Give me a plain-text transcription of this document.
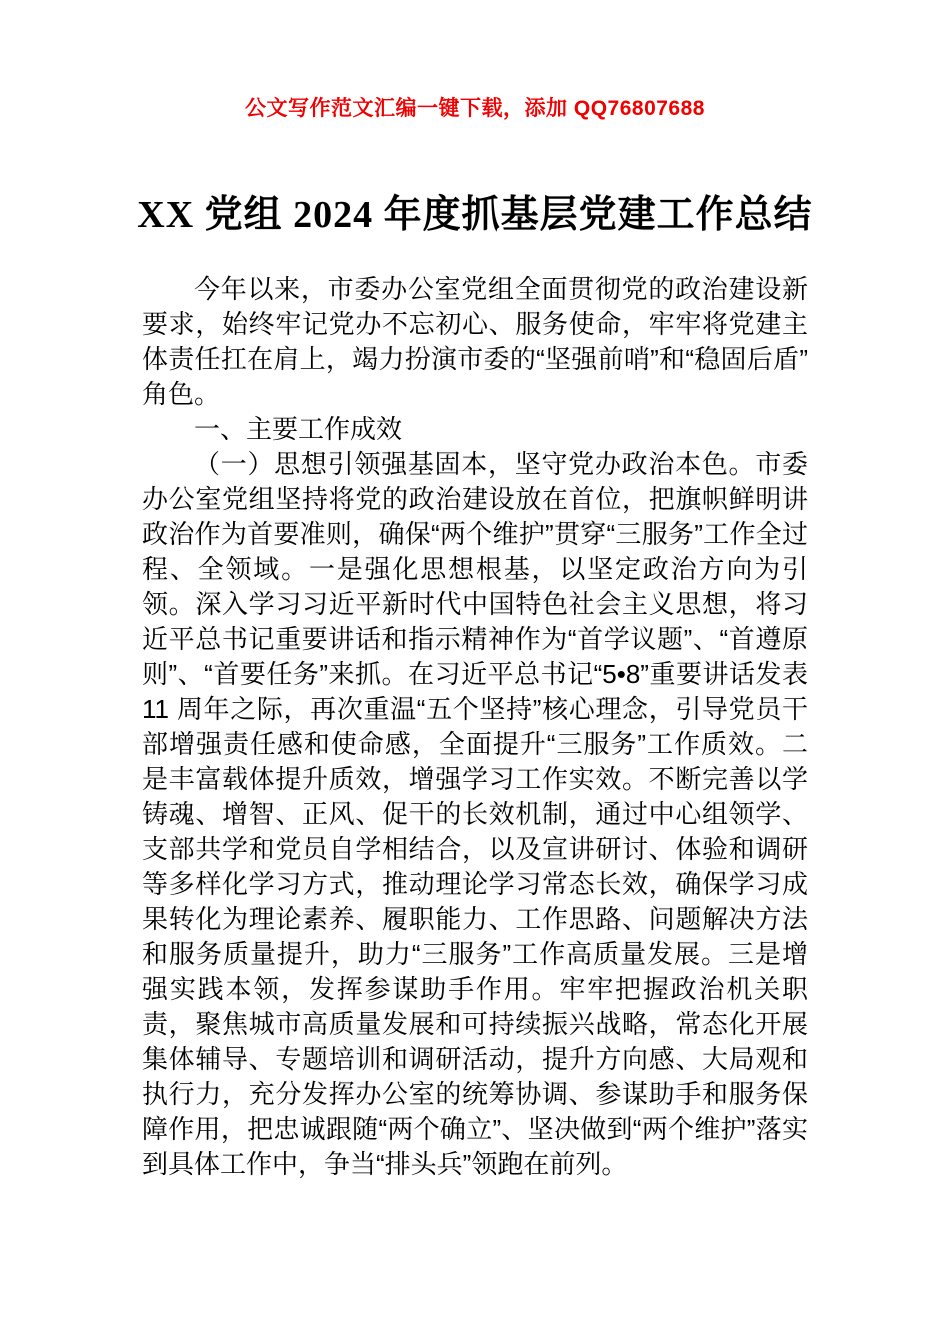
公文写作范文汇编一键下载，添加 QQ76807688
XX 党组 2024 年度抓基层党建工作总结

今年以来，市委办公室党组全面贯彻党的政治建设新要求，始终牢记党办不忘初心、服务使命，牢牢将党建主体责任扛在肩上，竭力扮演市委的“坚强前哨”和“稳固后盾”角色。

一、主要工作成效

（一）思想引领强基固本，坚守党办政治本色。市委办公室党组坚持将党的政治建设放在首位，把旗帜鲜明讲政治作为首要准则，确保“两个维护”贯穿“三服务”工作全过程、全领域。一是强化思想根基，以坚定政治方向为引领。深入学习习近平新时代中国特色社会主义思想，将习近平总书记重要讲话和指示精神作为“首学议题”、“首遵原则”、“首要任务”来抓。在习近平总书记“5•8”重要讲话发表 11 周年之际，再次重温“五个坚持”核心理念，引导党员干部增强责任感和使命感，全面提升“三服务”工作质效。二是丰富载体提升质效，增强学习工作实效。不断完善以学铸魂、增智、正风、促干的长效机制，通过中心组领学、支部共学和党员自学相结合，以及宣讲研讨、体验和调研等多样化学习方式，推动理论学习常态长效，确保学习成果转化为理论素养、履职能力、工作思路、问题解决方法和服务质量提升，助力“三服务”工作高质量发展。三是增强实践本领，发挥参谋助手作用。牢牢把握政治机关职责，聚焦城市高质量发展和可持续振兴战略，常态化开展集体辅导、专题培训和调研活动，提升方向感、大局观和执行力，充分发挥办公室的统筹协调、参谋助手和服务保障作用，把忠诚跟随“两个确立”、坚决做到“两个维护”落实到具体工作中，争当“排头兵”领跑在前列。
